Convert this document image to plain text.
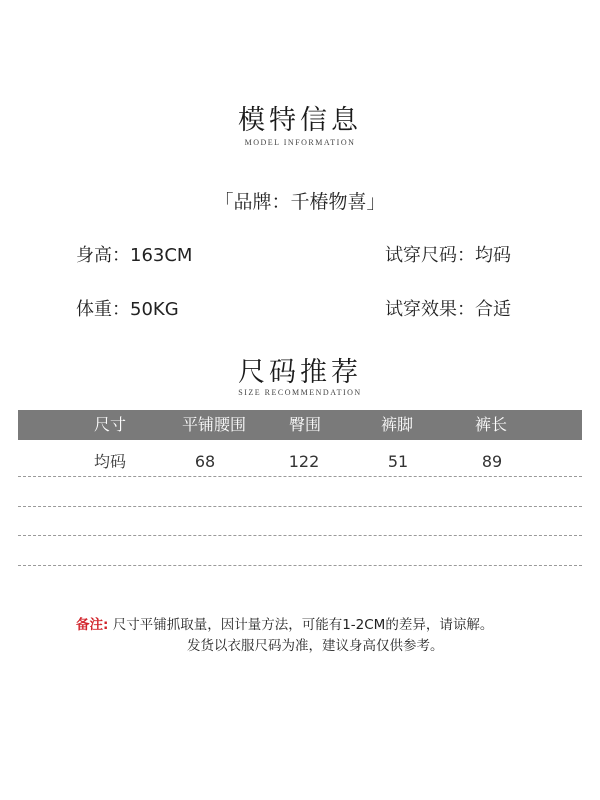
模特信息
MODEL INFORMATION
「品牌：千椿物喜」
身高：163CM	试穿尺码：均码
体重：50KG	试穿效果：合适
尺码推荐
SIZE RECOMMENDATION
尺寸	平铺腰围	臀围	裤脚	裤长
均码	68	122	51	89
备注: 尺寸平铺抓取量，因计量方法，可能有1-2CM的差异，请谅解。
发货以衣服尺码为准，建议身高仅供参考。
